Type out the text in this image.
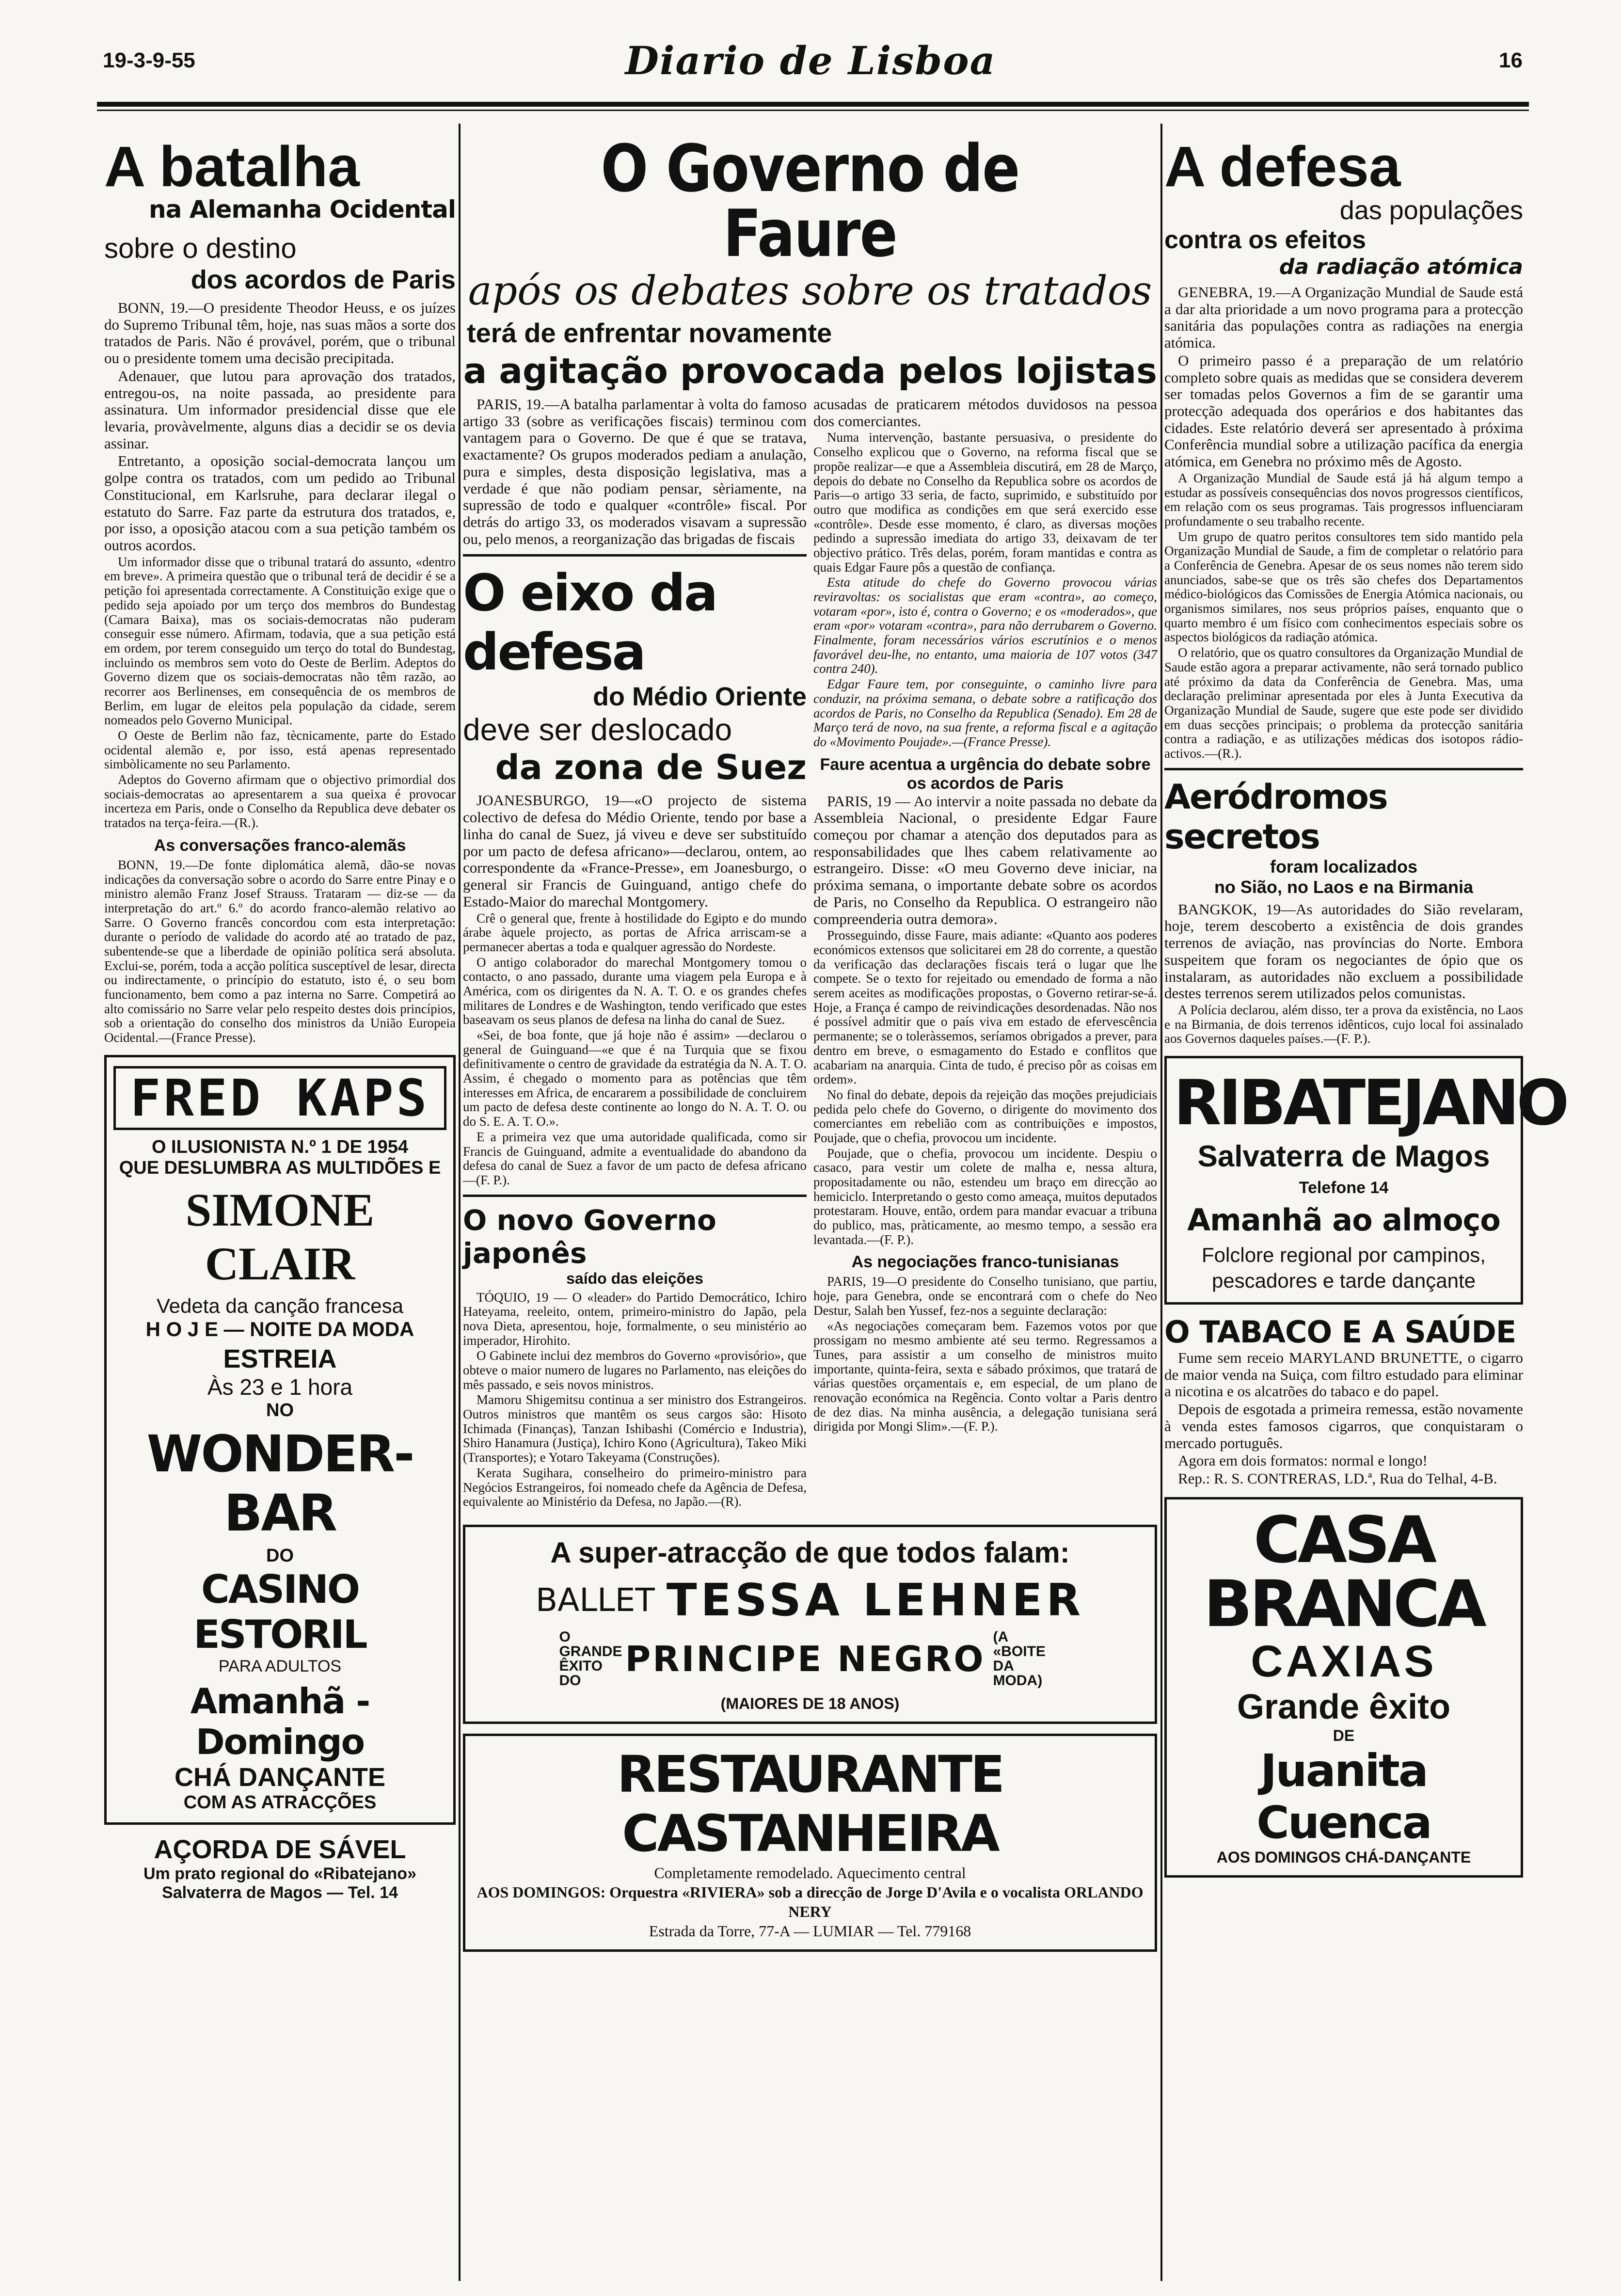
19-3-9-55	Diario de Lisboa	16
A batalha
na Alemanha Ocidental
sobre o destino
dos acordos de Paris

BONN, 19.—O presidente Theodor Heuss, e os juízes do Supremo Tribunal têm, hoje, nas suas mãos a sorte dos tratados de Paris. Não é provável, porém, que o tribunal ou o presidente tomem uma decisão precipitada.

Adenauer, que lutou para aprovação dos tratados, entregou-os, na noite passada, ao presidente para assinatura. Um informador presidencial disse que ele levaria, provàvelmente, alguns dias a decidir se os devia assinar.

Entretanto, a oposição social-democrata lançou um golpe contra os tratados, com um pedido ao Tribunal Constitucional, em Karlsruhe, para declarar ilegal o estatuto do Sarre. Faz parte da estrutura dos tratados, e, por isso, a oposição atacou com a sua petição também os outros acordos.

Um informador disse que o tribunal tratará do assunto, «dentro em breve». A primeira questão que o tribunal terá de decidir é se a petição foi apresentada correctamente. A Constituição exige que o pedido seja apoiado por um terço dos membros do Bundestag (Camara Baixa), mas os sociais-democratas não puderam conseguir esse número. Afirmam, todavia, que a sua petição está em ordem, por terem conseguido um terço do total do Bundestag, incluindo os membros sem voto do Oeste de Berlim. Adeptos do Governo dizem que os sociais-democratas não têm razão, ao recorrer aos Berlinenses, em consequência de os membros de Berlim, em lugar de eleitos pela população da cidade, serem nomeados pelo Governo Municipal.

O Oeste de Berlim não faz, tècnicamente, parte do Estado ocidental alemão e, por isso, está apenas representado simbòlicamente no seu Parlamento.

Adeptos do Governo afirmam que o objectivo primordial dos sociais-democratas ao apresentarem a sua queixa é provocar incerteza em Paris, onde o Conselho da Republica deve debater os tratados na terça-feira.—(R.).

As conversações franco-alemãs

BONN, 19.—De fonte diplomática alemã, dão-se novas indicações da conversação sobre o acordo do Sarre entre Pinay e o ministro alemão Franz Josef Strauss. Trataram — diz-se — da interpretação do art.º 6.º do acordo franco-alemão relativo ao Sarre. O Governo francês concordou com esta interpretação: durante o período de validade do acordo até ao tratado de paz, subentende-se que a liberdade de opinião política será absoluta. Exclui-se, porém, toda a acção política susceptível de lesar, directa ou indirectamente, o princípio do estatuto, isto é, o seu bom funcionamento, bem como a paz interna no Sarre. Competirá ao alto comissário no Sarre velar pelo respeito destes dois princípios, sob a orientação do conselho dos ministros da União Europeia Ocidental.—(France Presse).

FRED KAPS
O ILUSIONISTA N.º 1 DE 1954
QUE DESLUMBRA AS MULTIDÕES E
SIMONE CLAIR
Vedeta da canção francesa
H O J E — NOITE DA MODA
ESTREIA
Às 23 e 1 hora
NO
WONDER-BAR
DO
CASINO ESTORIL
PARA ADULTOS
Amanhã - Domingo
CHÁ DANÇANTE
COM AS ATRACÇÕES
AÇORDA DE SÁVEL
Um prato regional do «Ribatejano»
Salvaterra de Magos — Tel. 14
O Governo de Faure
após os debates sobre os tratados
terá de enfrentar novamente
a agitação provocada pelos lojistas

PARIS, 19.—A batalha parlamentar à volta do famoso artigo 33 (sobre as verificações fiscais) terminou com vantagem para o Governo. De que é que se tratava, exactamente? Os grupos moderados pediam a anulação, pura e simples, desta disposição legislativa, mas a verdade é que não podiam pensar, sèriamente, na supressão de todo e qualquer «contrôle» fiscal. Por detrás do artigo 33, os moderados visavam a supressão ou, pelo menos, a reorganização das brigadas de fiscais

O eixo da defesa
do Médio Oriente
deve ser deslocado
da zona de Suez

JOANESBURGO, 19—«O projecto de sistema colectivo de defesa do Médio Oriente, tendo por base a linha do canal de Suez, já viveu e deve ser substituído por um pacto de defesa africano»—declarou, ontem, ao correspondente da «France-Presse», em Joanesburgo, o general sir Francis de Guinguand, antigo chefe do Estado-Maior do marechal Montgomery.

Crê o general que, frente à hostilidade do Egipto e do mundo árabe àquele projecto, as portas de Africa arriscam-se a permanecer abertas a toda e qualquer agressão do Nordeste.

O antigo colaborador do marechal Montgomery tomou o contacto, o ano passado, durante uma viagem pela Europa e à América, com os dirigentes da N. A. T. O. e os grandes chefes militares de Londres e de Washington, tendo verificado que estes baseavam os seus planos de defesa na linha do canal de Suez.

«Sei, de boa fonte, que já hoje não é assim» —declarou o general de Guinguand—«e que é na Turquia que se fixou definitivamente o centro de gravidade da estratégia da N. A. T. O. Assim, é chegado o momento para as potências que têm interesses em Africa, de encararem a possibilidade de concluirem um pacto de defesa deste continente ao longo do N. A. T. O. ou do S. E. A. T. O.».

E a primeira vez que uma autoridade qualificada, como sir Francis de Guinguand, admite a eventualidade do abandono da defesa do canal de Suez a favor de um pacto de defesa africano—(F. P.).

O novo Governo japonês
saído das eleições

TÓQUIO, 19 — O «leader» do Partido Democrático, Ichiro Hateyama, reeleito, ontem, primeiro-ministro do Japão, pela nova Dieta, apresentou, hoje, formalmente, o seu ministério ao imperador, Hirohito.

O Gabinete inclui dez membros do Governo «provisório», que obteve o maior numero de lugares no Parlamento, nas eleições do mês passado, e seis novos ministros.

Mamoru Shigemitsu continua a ser ministro dos Estrangeiros. Outros ministros que mantêm os seus cargos são: Hisoto Ichimada (Finanças), Tanzan Ishibashi (Comércio e Industria), Shiro Hanamura (Justiça), Ichiro Kono (Agricultura), Takeo Miki (Transportes); e Yotaro Takeyama (Construções).

Kerata Sugihara, conselheiro do primeiro-ministro para Negócios Estrangeiros, foi nomeado chefe da Agência de Defesa, equivalente ao Ministério da Defesa, no Japão.—(R).

acusadas de praticarem métodos duvidosos na pessoa dos comerciantes.

Numa intervenção, bastante persuasiva, o presidente do Conselho explicou que o Governo, na reforma fiscal que se propõe realizar—e que a Assembleia discutirá, em 28 de Março, depois do debate no Conselho da Republica sobre os acordos de Paris—o artigo 33 seria, de facto, suprimido, e substituído por outro que modifica as condições em que será exercido esse «contrôle». Desde esse momento, é claro, as diversas moções pedindo a supressão imediata do artigo 33, deixavam de ter objectivo prático. Três delas, porém, foram mantidas e contra as quais Edgar Faure pôs a questão de confiança.

Esta atitude do chefe do Governo provocou várias reviravoltas: os socialistas que eram «contra», ao começo, votaram «por», isto é, contra o Governo; e os «moderados», que eram «por» votaram «contra», para não derrubarem o Governo. Finalmente, foram necessários vários escrutínios e o menos favorável deu-lhe, no entanto, uma maioria de 107 votos (347 contra 240).

Edgar Faure tem, por conseguinte, o caminho livre para conduzir, na próxima semana, o debate sobre a ratificação dos acordos de Paris, no Conselho da Republica (Senado). Em 28 de Março terá de novo, na sua frente, a reforma fiscal e a agitação do «Movimento Poujade».—(France Presse).

Faure acentua a urgência do debate sobre os acordos de Paris

PARIS, 19 — Ao intervir a noite passada no debate da Assembleia Nacional, o presidente Edgar Faure começou por chamar a atenção dos deputados para as responsabilidades que lhes cabem relativamente ao estrangeiro. Disse: «O meu Governo deve iniciar, na próxima semana, o importante debate sobre os acordos de Paris, no Conselho da Republica. O estrangeiro não compreenderia outra demora».

Prosseguindo, disse Faure, mais adiante: «Quanto aos poderes económicos extensos que solicitarei em 28 do corrente, a questão da verificação das declarações fiscais terá o lugar que lhe compete. Se o texto for rejeitado ou emendado de forma a não serem aceites as modificações propostas, o Governo retirar-se-á. Hoje, a França é campo de reivindicações desordenadas. Não nos é possível admitir que o país viva em estado de efervescência permanente; se o toleràssemos, seríamos obrigados a prever, para dentro em breve, o esmagamento do Estado e conflitos que acabariam na anarquia. Cinta de tudo, é preciso pôr as coisas em ordem».

No final do debate, depois da rejeição das moções prejudiciais pedida pelo chefe do Governo, o dirigente do movimento dos comerciantes em rebelião com as contribuições e impostos, Poujade, que o chefia, provocou um incidente.

Poujade, que o chefia, provocou um incidente. Despiu o casaco, para vestir um colete de malha e, nessa altura, propositadamente ou não, estendeu um braço em direcção ao hemiciclo. Interpretando o gesto como ameaça, muitos deputados protestaram. Houve, então, ordem para mandar evacuar a tribuna do publico, mas, pràticamente, ao mesmo tempo, a sessão era levantada.—(F. P.).

As negociações franco-tunisianas

PARIS, 19—O presidente do Conselho tunisiano, que partiu, hoje, para Genebra, onde se encontrará com o chefe do Neo Destur, Salah ben Yussef, fez-nos a seguinte declaração:

«As negociações começaram bem. Fazemos votos por que prossigam no mesmo ambiente até seu termo. Regressamos a Tunes, para assistir a um conselho de ministros muito importante, quinta-feira, sexta e sábado próximos, que tratará de várias questões orçamentais e, em especial, de um plano de renovação económica na Regência. Conto voltar a Paris dentro de dez dias. Na minha ausência, a delegação tunisiana será dirigida por Mongi Slim».—(F. P.).

A super-atracção de que todos falam:
BALLET TESSA LEHNER
O GRANDE ÊXITO DO
PRINCIPE NEGRO
(A «BOITE DA MODA)
(MAIORES DE 18 ANOS)
RESTAURANTE CASTANHEIRA
Completamente remodelado. Aquecimento central
AOS DOMINGOS: Orquestra «RIVIERA» sob a direcção de Jorge D'Avila e o vocalista ORLANDO NERY
Estrada da Torre, 77-A — LUMIAR — Tel. 779168
A defesa
das populações
contra os efeitos
da radiação atómica

GENEBRA, 19.—A Organização Mundial de Saude está a dar alta prioridade a um novo programa para a protecção sanitária das populações contra as radiações na energia atómica.

O primeiro passo é a preparação de um relatório completo sobre quais as medidas que se considera deverem ser tomadas pelos Governos a fim de se garantir uma protecção adequada dos operários e dos habitantes das cidades. Este relatório deverá ser apresentado à próxima Conferência mundial sobre a utilização pacífica da energia atómica, em Genebra no próximo mês de Agosto.

A Organização Mundial de Saude está já há algum tempo a estudar as possíveis consequências dos novos progressos científicos, em relação com os seus programas. Tais progressos influenciaram profundamente o seu trabalho recente.

Um grupo de quatro peritos consultores tem sido mantido pela Organização Mundial de Saude, a fim de completar o relatório para a Conferência de Genebra. Apesar de os seus nomes não terem sido anunciados, sabe-se que os três são chefes dos Departamentos médico-biológicos das Comissões de Energia Atómica nacionais, ou organismos similares, nos seus próprios países, enquanto que o quarto membro é um físico com conhecimentos especiais sobre os aspectos biológicos da radiação atómica.

O relatório, que os quatro consultores da Organização Mundial de Saude estão agora a preparar activamente, não será tornado publico até próximo da data da Conferência de Genebra. Mas, uma declaração preliminar apresentada por eles à Junta Executiva da Organização Mundial de Saude, sugere que este pode ser dividido em duas secções principais; o problema da protecção sanitária contra a radiação, e as utilizações médicas dos isotopos rádio-activos.—(R.).

Aeródromos secretos
foram localizados
no Sião, no Laos e na Birmania

BANGKOK, 19—As autoridades do Sião revelaram, hoje, terem descoberto a existência de dois grandes terrenos de aviação, nas províncias do Norte. Embora suspeitem que foram os negociantes de ópio que os instalaram, as autoridades não excluem a possibilidade destes terrenos serem utilizados pelos comunistas.

A Polícia declarou, além disso, ter a prova da existência, no Laos e na Birmania, de dois terrenos idênticos, cujo local foi assinalado aos Governos daqueles países.—(F. P.).

RIBATEJANO
Salvaterra de Magos
Telefone 14
Amanhã ao almoço
Folclore regional por campinos,
pescadores e tarde dançante
O TABACO E A SAÚDE

Fume sem receio MARYLAND BRUNETTE, o cigarro de maior venda na Suiça, com filtro estudado para eliminar a nicotina e os alcatrões do tabaco e do papel.

Depois de esgotada a primeira remessa, estão novamente à venda estes famosos cigarros, que conquistaram o mercado português.

Agora em dois formatos: normal e longo!

Rep.: R. S. CONTRERAS, LD.ª, Rua do Telhal, 4-B.

CASA BRANCA
CAXIAS
Grande êxito
DE
Juanita Cuenca
AOS DOMINGOS CHÁ-DANÇANTE
